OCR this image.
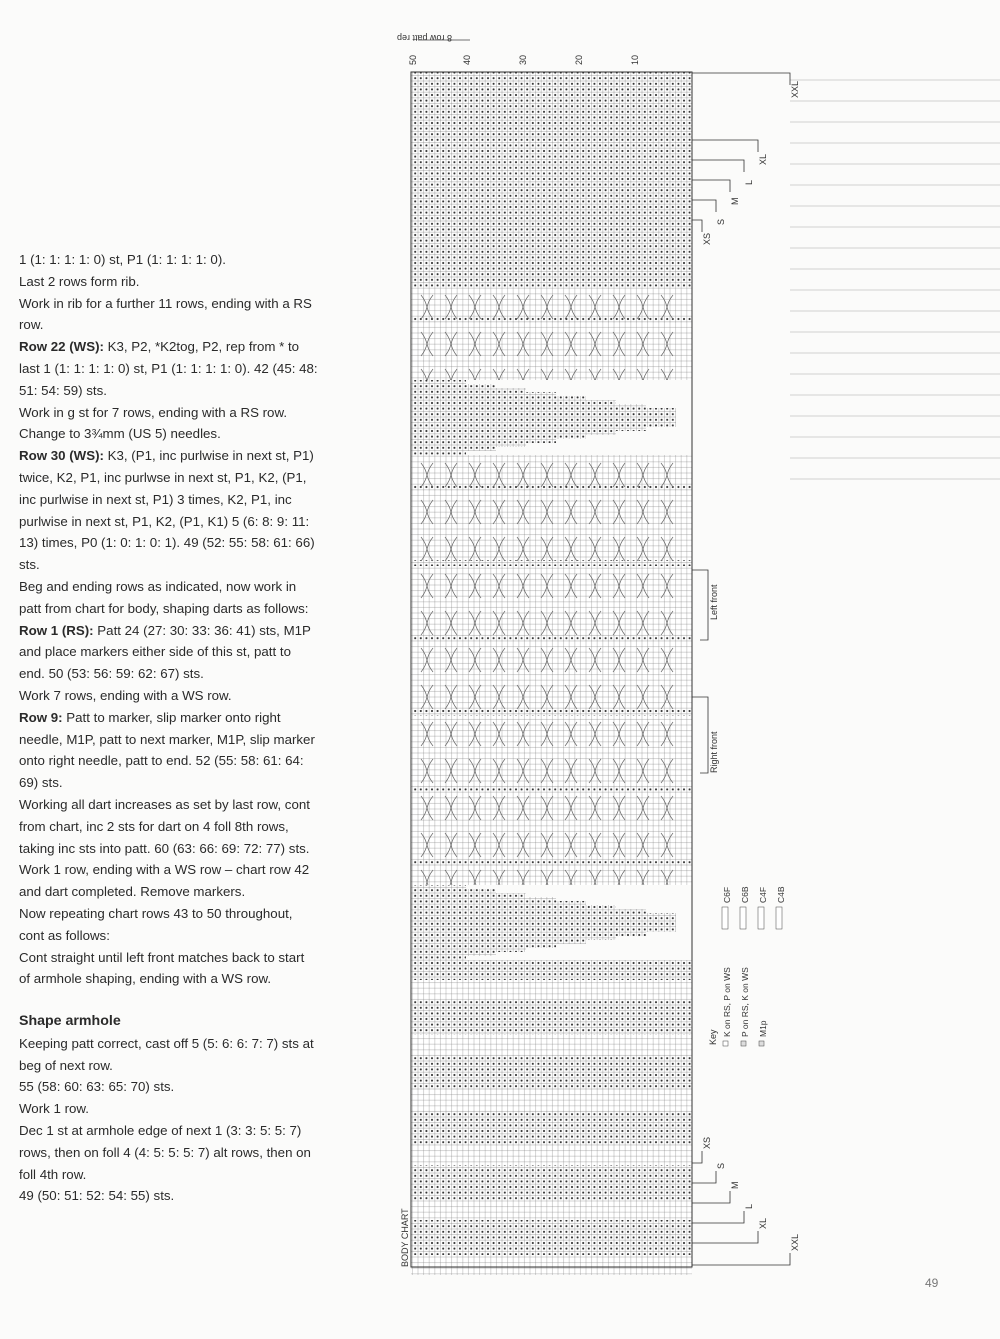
1 (1: 1: 1: 1: 0) st, P1 (1: 1: 1: 1: 0).

Last 2 rows form rib.

Work in rib for a further 11 rows, ending with a RS row.

Row 22 (WS): K3, P2, *K2tog, P2, rep from * to last 1 (1: 1: 1: 1: 0) st, P1 (1: 1: 1: 1: 0). 42 (45: 48: 51: 54: 59) sts.

Work in g st for 7 rows, ending with a RS row.

Change to 3¾mm (US 5) needles.

Row 30 (WS): K3, (P1, inc purlwise in next st, P1) twice, K2, P1, inc purlwse in next st, P1, K2, (P1, inc purlwise in next st, P1) 3 times, K2, P1, inc purlwise in next st, P1, K2, (P1, K1) 5 (6: 8: 9: 11: 13) times, P0 (1: 0: 1: 0: 1). 49 (52: 55: 58: 61: 66) sts.

Beg and ending rows as indicated, now work in patt from chart for body, shaping darts as follows:

Row 1 (RS): Patt 24 (27: 30: 33: 36: 41) sts, M1P and place markers either side of this st, patt to end. 50 (53: 56: 59: 62: 67) sts.

Work 7 rows, ending with a WS row.

Row 9: Patt to marker, slip marker onto right needle, M1P, patt to next marker, M1P, slip marker onto right needle, patt to end. 52 (55: 58: 61: 64: 69) sts.

Working all dart increases as set by last row, cont from chart, inc 2 sts for dart on 4 foll 8th rows, taking inc sts into patt. 60 (63: 66: 69: 72: 77) sts.

Work 1 row, ending with a WS row – chart row 42 and dart completed. Remove markers.

Now repeating chart rows 43 to 50 throughout, cont as follows:

Cont straight until left front matches back to start of armhole shaping, ending with a WS row.

Shape armhole

Keeping patt correct, cast off 5 (5: 6: 6: 7: 7) sts at beg of next row.

55 (58: 60: 63: 65: 70) sts.

Work 1 row.

Dec 1 st at armhole edge of next 1 (3: 3: 5: 5: 7) rows, then on foll 4 (4: 5: 5: 5: 7) alt rows, then on foll 4th row.

49 (50: 51: 52: 54: 55) sts.

50	40	30	20	10
8 row patt rep
BODY CHART
XS
S
M
L
XL
XXL
XS
S
M
L
XL
XXL
Left front
Right front
Key
K on RS, P on WS P on RS, K on WS M1p
C6F C6B C4F C4B
49
